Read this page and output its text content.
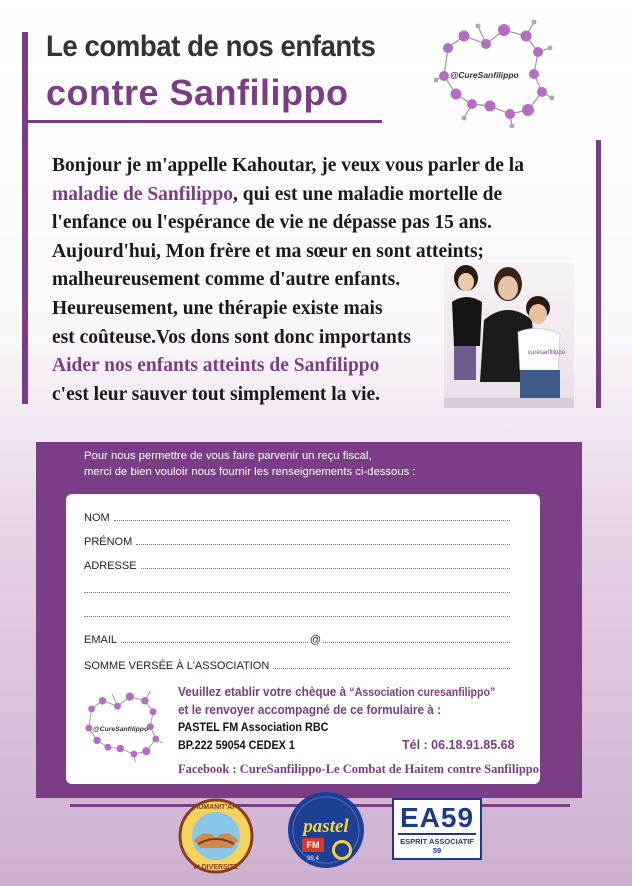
Le combat de nos enfants
contre Sanfilippo	@CureSanfilippo
Bonjour je m'appelle Kahoutar, je veux vous parler de la
maladie de Sanfilippo, qui est une maladie mortelle de
l'enfance ou l'espérance de vie ne dépasse pas 15 ans.
Aujourd'hui, Mon frère et ma sœur en sont atteints;
malheureusement comme d'autre enfants.
Heureusement, une thérapie existe mais
est coûteuse.Vos dons sont donc importants
Aider nos enfants atteints de Sanfilippo
c'est leur sauver tout simplement la vie.
curesanfilippo
Pour nous permettre de vous faire parvenir un reçu fiscal,
merci de bien vouloir nous fournir les renseignements ci-dessous :
NOM
PRÉNOM
ADRESSE
EMAIL	@
SOMME VERSÉE À L'ASSOCIATION
@CureSanfilippo
Veuillez etablir votre chèque à “Association curesanfilippo”
et le renvoyer accompagné de ce formulaire à :
PASTEL FM Association RBC
BP.222 59054 CEDEX 1	Tél : 06.18.91.85.68
Facebook : CureSanfilippo-Le Combat de Haitem contre Sanfilippo
HUMANIT'API
et DIVERSITE
pastel
FM
99.4
EA59
ESPRIT ASSOCIATIF 59
